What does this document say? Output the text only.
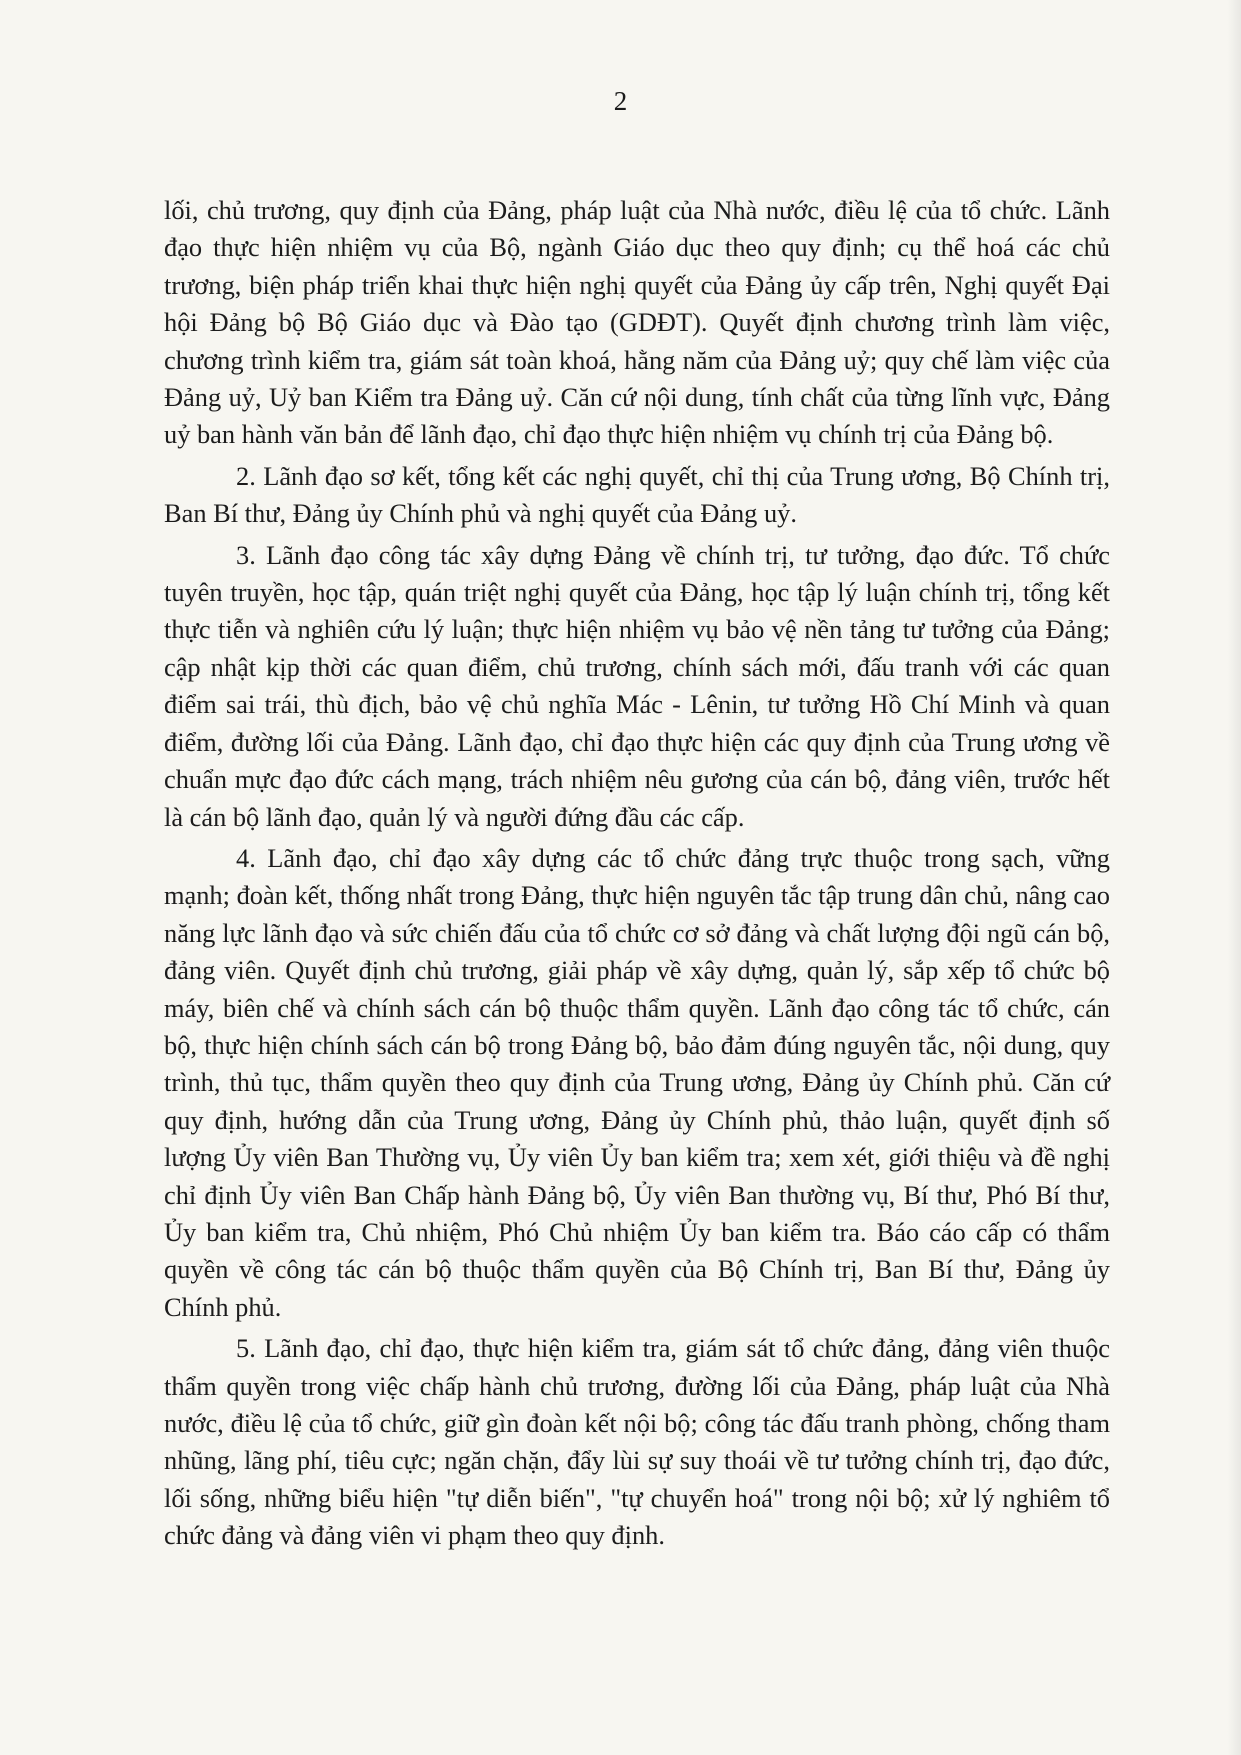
2

lối, chủ trương, quy định của Đảng, pháp luật của Nhà nước, điều lệ của tổ chức. Lãnh đạo thực hiện nhiệm vụ của Bộ, ngành Giáo dục theo quy định; cụ thể hoá các chủ trương, biện pháp triển khai thực hiện nghị quyết của Đảng ủy cấp trên, Nghị quyết Đại hội Đảng bộ Bộ Giáo dục và Đào tạo (GDĐT). Quyết định chương trình làm việc, chương trình kiểm tra, giám sát toàn khoá, hằng năm của Đảng uỷ; quy chế làm việc của Đảng uỷ, Uỷ ban Kiểm tra Đảng uỷ. Căn cứ nội dung, tính chất của từng lĩnh vực, Đảng uỷ ban hành văn bản để lãnh đạo, chỉ đạo thực hiện nhiệm vụ chính trị của Đảng bộ.

2. Lãnh đạo sơ kết, tổng kết các nghị quyết, chỉ thị của Trung ương, Bộ Chính trị, Ban Bí thư, Đảng ủy Chính phủ và nghị quyết của Đảng uỷ.

3. Lãnh đạo công tác xây dựng Đảng về chính trị, tư tưởng, đạo đức. Tổ chức tuyên truyền, học tập, quán triệt nghị quyết của Đảng, học tập lý luận chính trị, tổng kết thực tiễn và nghiên cứu lý luận; thực hiện nhiệm vụ bảo vệ nền tảng tư tưởng của Đảng; cập nhật kịp thời các quan điểm, chủ trương, chính sách mới, đấu tranh với các quan điểm sai trái, thù địch, bảo vệ chủ nghĩa Mác - Lênin, tư tưởng Hồ Chí Minh và quan điểm, đường lối của Đảng. Lãnh đạo, chỉ đạo thực hiện các quy định của Trung ương về chuẩn mực đạo đức cách mạng, trách nhiệm nêu gương của cán bộ, đảng viên, trước hết là cán bộ lãnh đạo, quản lý và người đứng đầu các cấp.

4. Lãnh đạo, chỉ đạo xây dựng các tổ chức đảng trực thuộc trong sạch, vững mạnh; đoàn kết, thống nhất trong Đảng, thực hiện nguyên tắc tập trung dân chủ, nâng cao năng lực lãnh đạo và sức chiến đấu của tổ chức cơ sở đảng và chất lượng đội ngũ cán bộ, đảng viên. Quyết định chủ trương, giải pháp về xây dựng, quản lý, sắp xếp tổ chức bộ máy, biên chế và chính sách cán bộ thuộc thẩm quyền. Lãnh đạo công tác tổ chức, cán bộ, thực hiện chính sách cán bộ trong Đảng bộ, bảo đảm đúng nguyên tắc, nội dung, quy trình, thủ tục, thẩm quyền theo quy định của Trung ương, Đảng ủy Chính phủ. Căn cứ quy định, hướng dẫn của Trung ương, Đảng ủy Chính phủ, thảo luận, quyết định số lượng Ủy viên Ban Thường vụ, Ủy viên Ủy ban kiểm tra; xem xét, giới thiệu và đề nghị chỉ định Ủy viên Ban Chấp hành Đảng bộ, Ủy viên Ban thường vụ, Bí thư, Phó Bí thư, Ủy ban kiểm tra, Chủ nhiệm, Phó Chủ nhiệm Ủy ban kiểm tra. Báo cáo cấp có thẩm quyền về công tác cán bộ thuộc thẩm quyền của Bộ Chính trị, Ban Bí thư, Đảng ủy Chính phủ.

5. Lãnh đạo, chỉ đạo, thực hiện kiểm tra, giám sát tổ chức đảng, đảng viên thuộc thẩm quyền trong việc chấp hành chủ trương, đường lối của Đảng, pháp luật của Nhà nước, điều lệ của tổ chức, giữ gìn đoàn kết nội bộ; công tác đấu tranh phòng, chống tham nhũng, lãng phí, tiêu cực; ngăn chặn, đẩy lùi sự suy thoái về tư tưởng chính trị, đạo đức, lối sống, những biểu hiện "tự diễn biến", "tự chuyển hoá" trong nội bộ; xử lý nghiêm tổ chức đảng và đảng viên vi phạm theo quy định.
